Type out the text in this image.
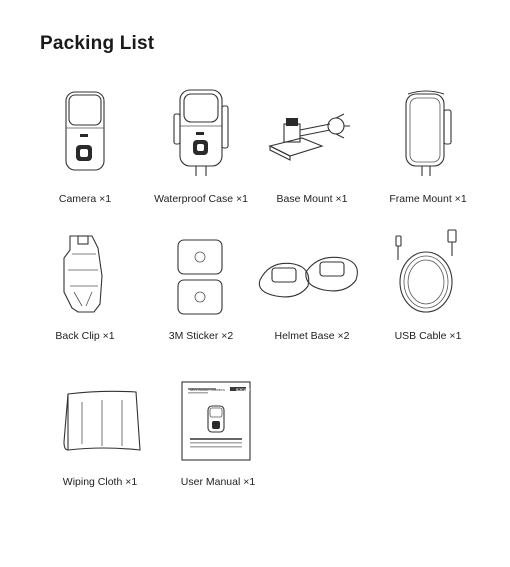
Packing List
Camera ×1	Waterproof Case ×1	Base Mount ×1	Frame Mount ×1
Back Clip ×1	3M Sticker ×2	Helmet Base ×2	USB Cable ×1
Mini Action Camera	SJCAM
Wiping Cloth ×1	User Manual ×1
